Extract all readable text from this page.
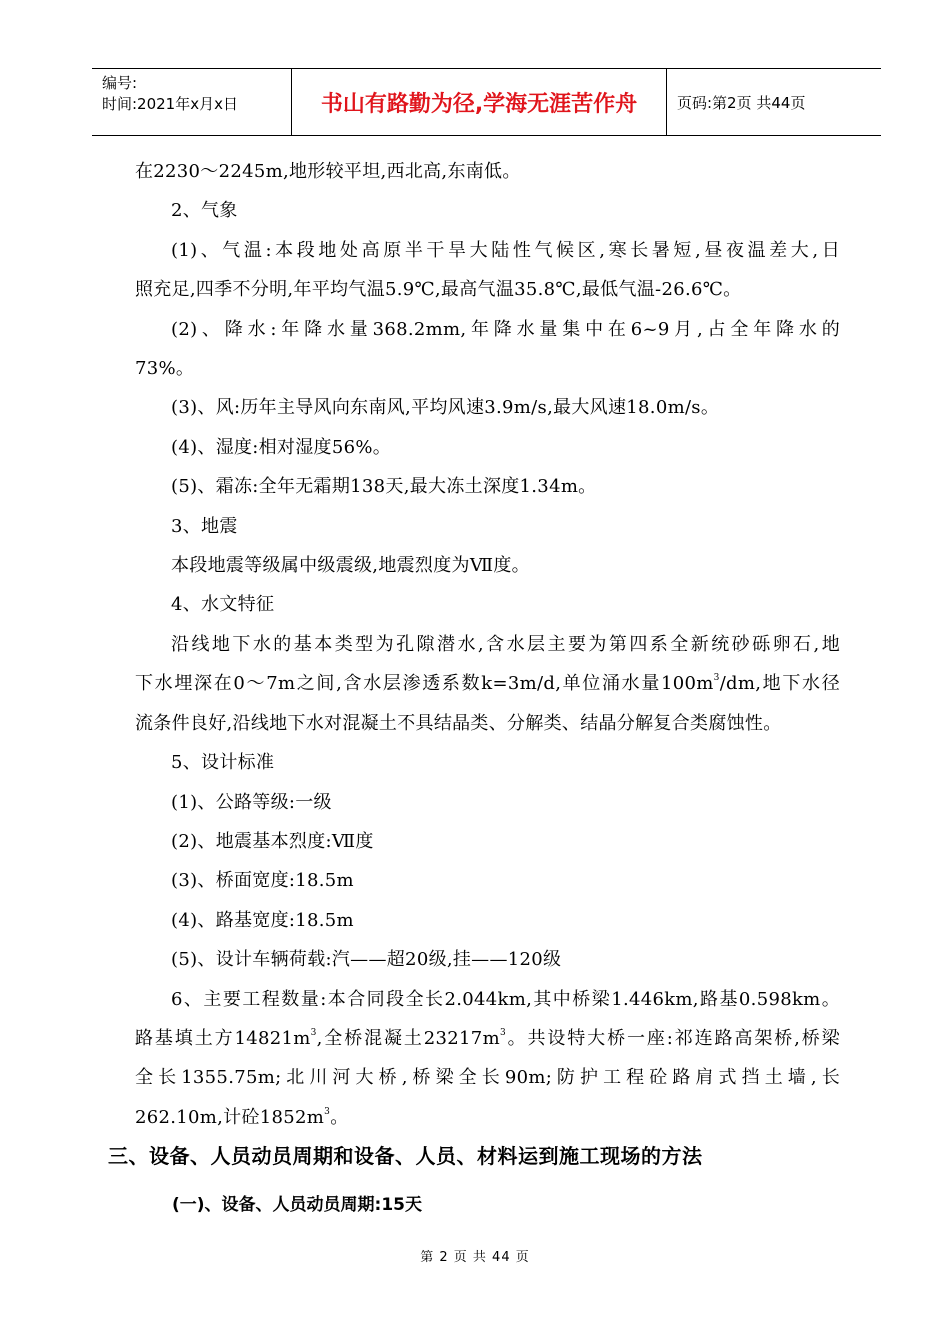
编号:
时间:2021年x月x日	书山有路勤为径,学海无涯苦作舟	页码:第2页 共44页
在2230～2245m,地形较平坦,西北高,东南低。
2、气象
(1)、气温:本段地处高原半干旱大陆性气候区,寒长暑短,昼夜温差大,日
照充足,四季不分明,年平均气温5.9℃,最高气温35.8℃,最低气温-26.6℃。
(2)、降水:年降水量368.2mm,年降水量集中在6~9月,占全年降水的
73%。
(3)、风:历年主导风向东南风,平均风速3.9m/s,最大风速18.0m/s。
(4)、湿度:相对湿度56%。
(5)、霜冻:全年无霜期138天,最大冻土深度1.34m。
3、地震
本段地震等级属中级震级,地震烈度为Ⅶ度。
4、水文特征
沿线地下水的基本类型为孔隙潜水,含水层主要为第四系全新统砂砾卵石,地
下水埋深在0～7m之间,含水层渗透系数k=3m/d,单位涌水量$100m^3/dm$,地下水径
流条件良好,沿线地下水对混凝土不具结晶类、分解类、结晶分解复合类腐蚀性。
5、设计标准
(1)、公路等级:一级
(2)、地震基本烈度:Ⅶ度
(3)、桥面宽度:18.5m
(4)、路基宽度:18.5m
(5)、设计车辆荷载:汽——超20级,挂——120级
6、主要工程数量:本合同段全长2.044km,其中桥梁1.446km,路基0.598km。
路基填土方$14821m^3$,全桥混凝土$23217m^3$。共设特大桥一座:祁连路高架桥,桥梁
全长1355.75m;北川河大桥,桥梁全长90m;防护工程砼路肩式挡土墙,长
262.10m,计砼$1852m^3$。
三、设备、人员动员周期和设备、人员、材料运到施工现场的方法
(一)、设备、人员动员周期:15天
第 2 页 共 44 页
